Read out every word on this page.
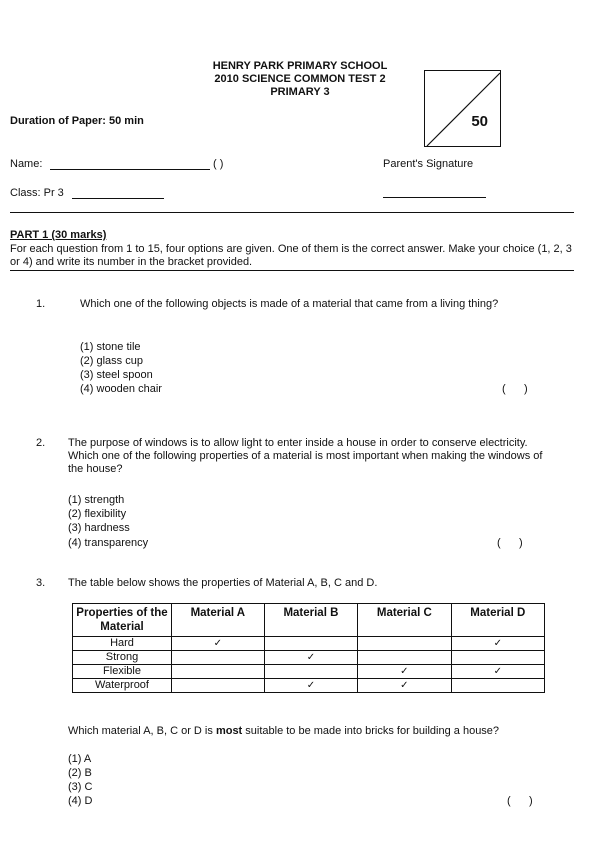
HENRY PARK PRIMARY SCHOOL
2010 SCIENCE COMMON TEST 2
PRIMARY 3
50
Duration of Paper: 50 min
Name:	( )	Parent's Signature
Class: Pr 3
PART 1 (30 marks)
For each question from 1 to 15, four options are given. One of them is the correct answer. Make your choice (1, 2, 3 or 4) and write its number in the bracket provided.
1.	Which one of the following objects is made of a material that came from a living thing?
(1) stone tile
(2) glass cup
(3) steel spoon
(4) wooden chair	(      )
2. The purpose of windows is to allow light to enter inside a house in order to conserve electricity. Which one of the following properties of a material is most important when making the windows of the house?
(1) strength
(2) flexibility
(3) hardness
(4) transparency	(      )
3. The table below shows the properties of Material A, B, C and D.
Properties of the Material	Material A	Material B	Material C	Material D
Hard	✓			✓
Strong		✓		
Flexible			✓	✓
Waterproof		✓	✓	
Which material A, B, C or D is most suitable to be made into bricks for building a house?
(1) A
(2) B
(3) C
(4) D	(      )
